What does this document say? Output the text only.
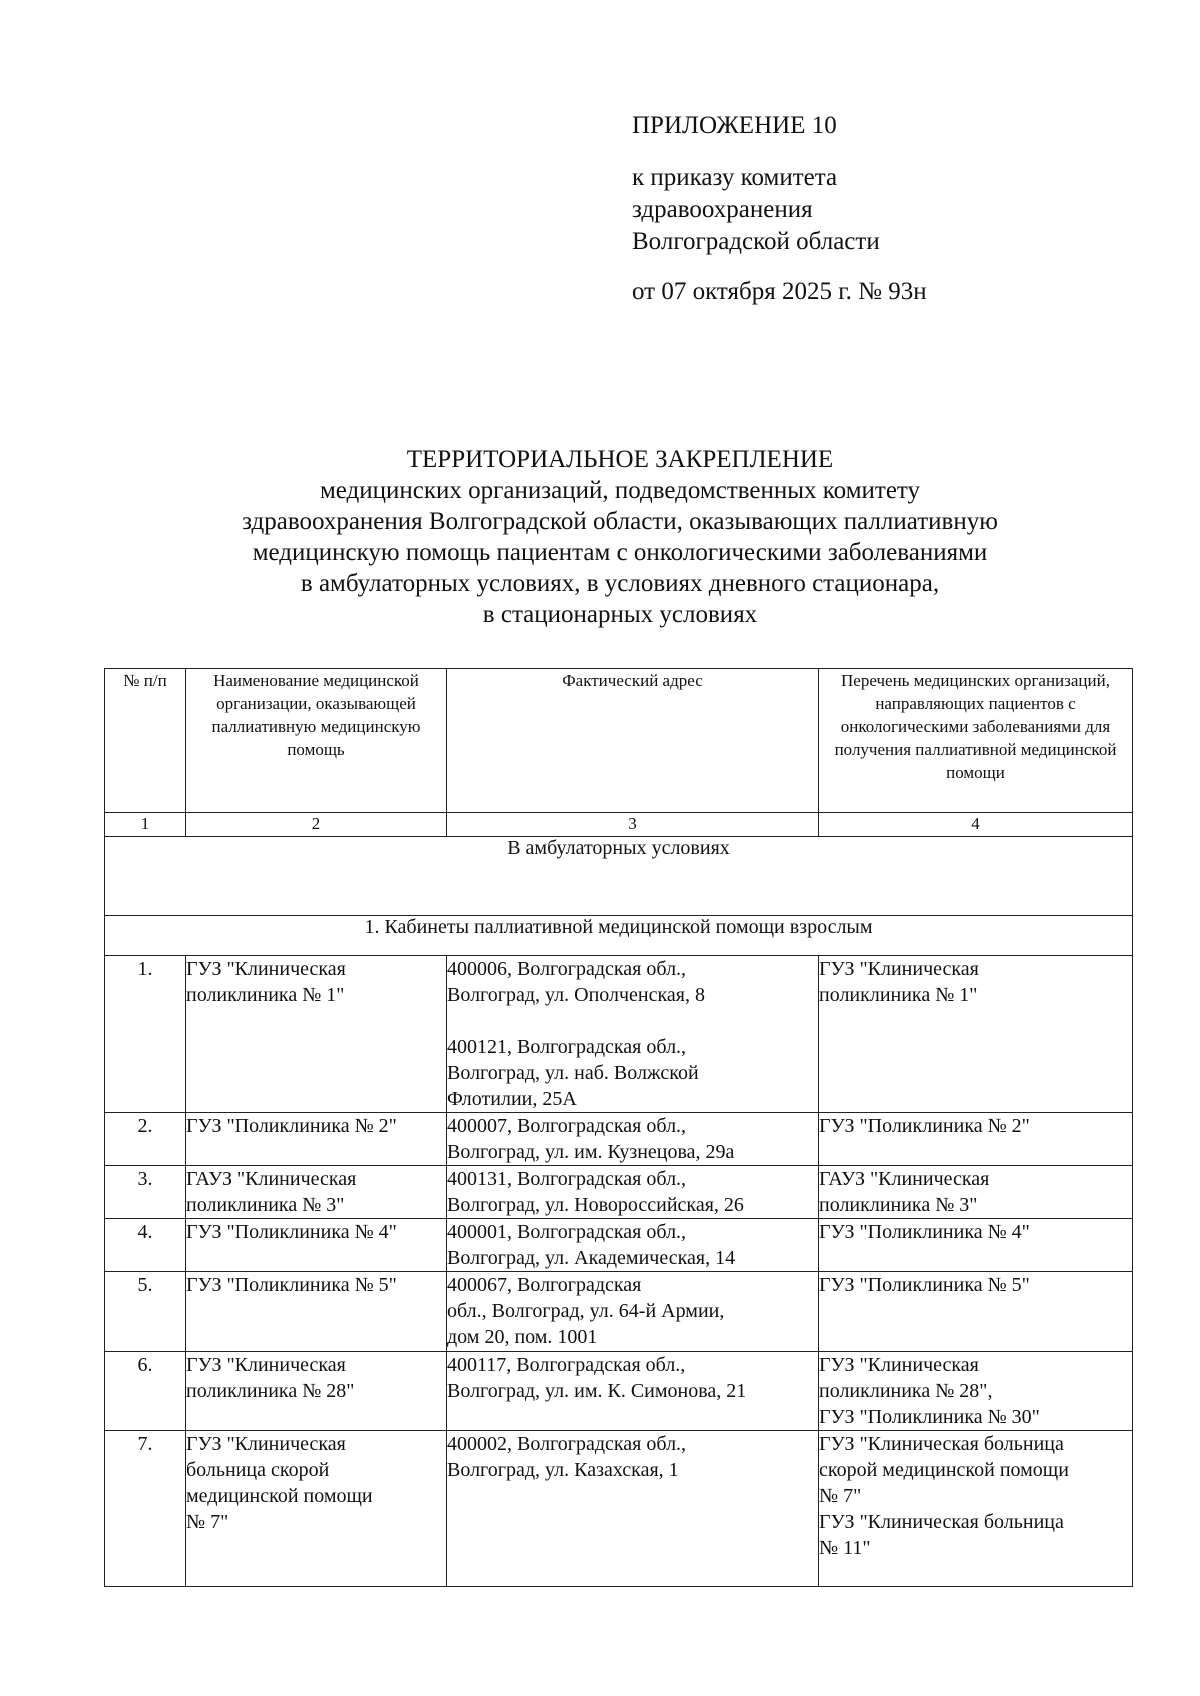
ПРИЛОЖЕНИЕ 10
к приказу комитета
здравоохранения
Волгоградской области
от 07 октября 2025 г. № 93н
ТЕРРИТОРИАЛЬНОЕ ЗАКРЕПЛЕНИЕ
медицинских организаций, подведомственных комитету
здравоохранения Волгоградской области, оказывающих паллиативную
медицинскую помощь пациентам с онкологическими заболеваниями
в амбулаторных условиях, в условиях дневного стационара,
в стационарных условиях
№ п/п	Наименование медицинской организации, оказывающей паллиативную медицинскую помощь	Фактический адрес	Перечень медицинских организаций, направляющих пациентов с онкологическими заболеваниями для получения паллиативной медицинской помощи
1	2	3	4
В амбулаторных условиях			
1. Кабинеты паллиативной медицинской помощи взрослым			
1.	ГУЗ "Клиническая
поликлиника № 1"	400006, Волгоградская обл.,
Волгоград, ул. Ополченская, 8
400121, Волгоградская обл.,
Волгоград, ул. наб. Волжской
Флотилии, 25А	ГУЗ "Клиническая
поликлиника № 1"

2.	ГУЗ "Поликлиника № 2"	400007, Волгоградская обл.,
Волгоград, ул. им. Кузнецова, 29а	ГУЗ "Поликлиника № 2"

3.	ГАУЗ "Клиническая
поликлиника № 3"	400131, Волгоградская обл.,
Волгоград, ул. Новороссийская, 26	ГАУЗ "Клиническая
поликлиника № 3"

4.	ГУЗ "Поликлиника № 4"	400001, Волгоградская обл.,
Волгоград, ул. Академическая, 14	ГУЗ "Поликлиника № 4"

5.	ГУЗ "Поликлиника № 5"	400067, Волгоградская
обл., Волгоград, ул. 64-й Армии,
дом 20, пом. 1001	ГУЗ "Поликлиника № 5"

6.	ГУЗ "Клиническая
поликлиника № 28"	400117, Волгоградская обл.,
Волгоград, ул. им. К. Симонова, 21	ГУЗ "Клиническая
поликлиника № 28",
ГУЗ "Поликлиника № 30"

7.	ГУЗ "Клиническая
больница скорой
медицинской помощи
№ 7"	400002, Волгоградская обл.,
Волгоград, ул. Казахская, 1	ГУЗ "Клиническая больница
скорой медицинской помощи
№ 7"
ГУЗ "Клиническая больница
№ 11"
